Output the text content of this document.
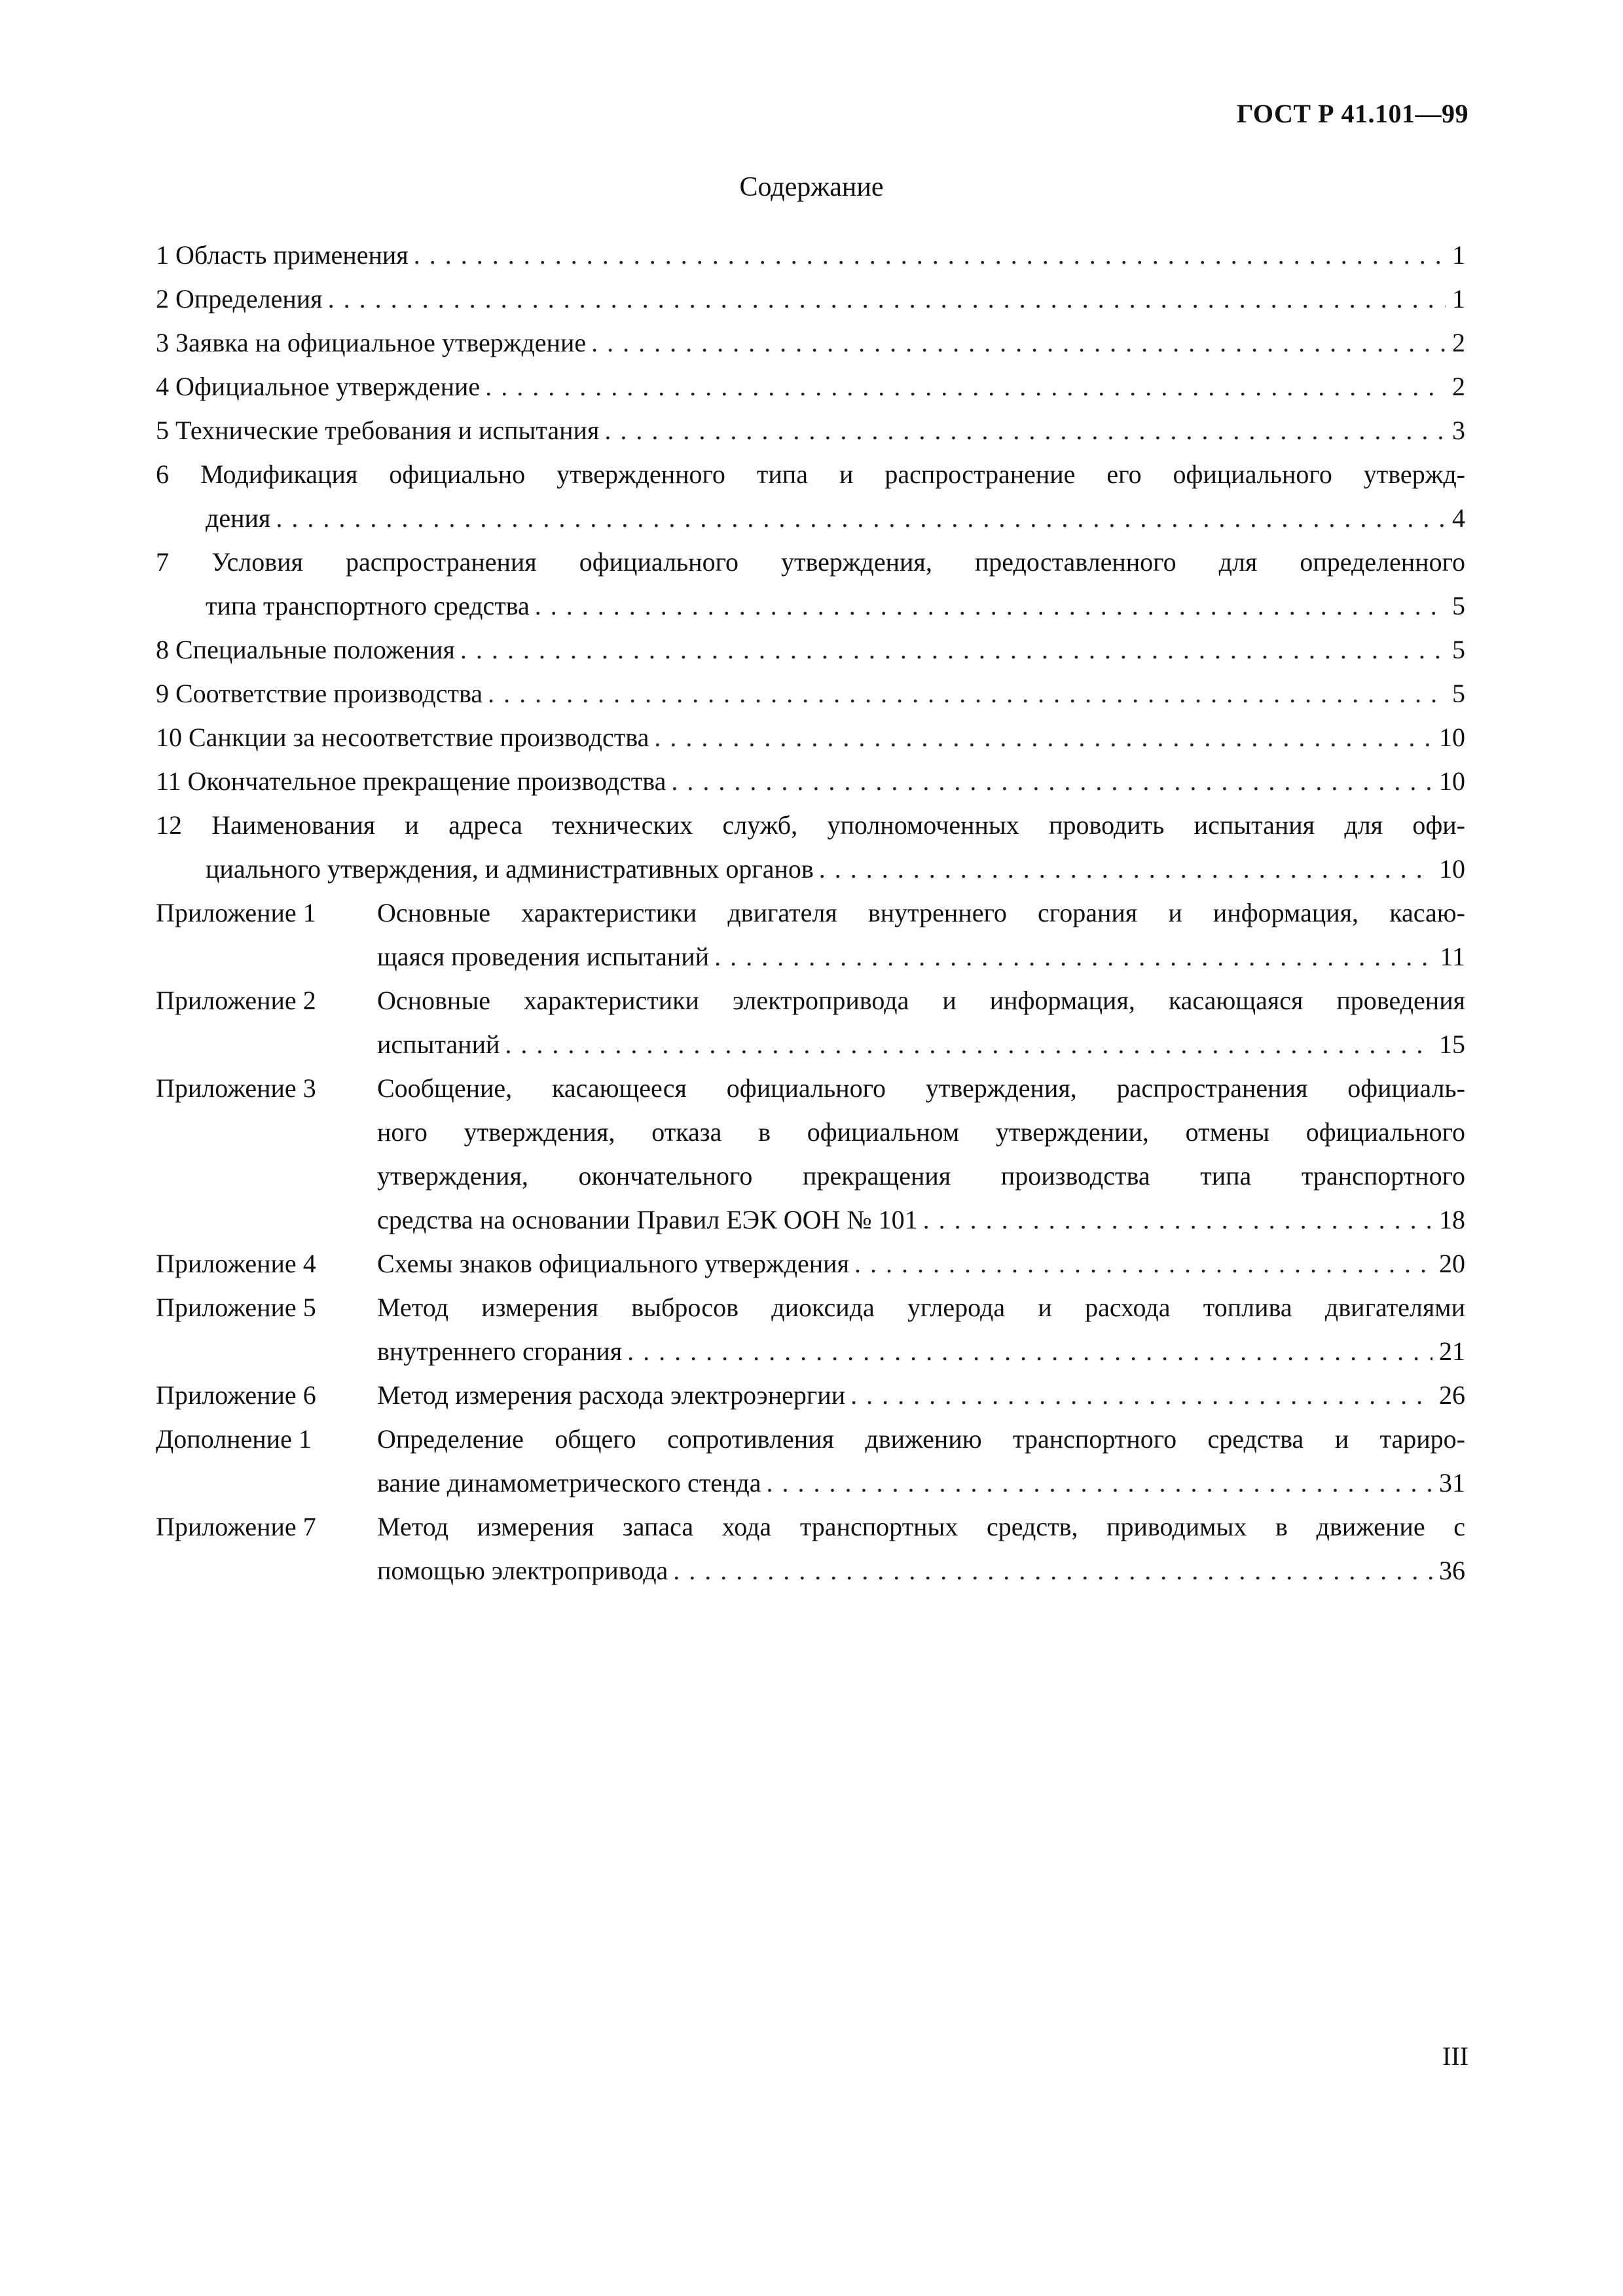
ГОСТ Р 41.101—99
Содержание
1 Область применения . . .	1
2 Определения . . .	1
3 Заявка на официальное утверждение . . .	2
4 Официальное утверждение . . .	2
5 Технические требования и испытания . . .	3
6 Модификация официально утвержденного типа и распространение его официального утвержд-
дения . . .	4
7 Условия распространения официального утверждения, предоставленного для определенного
типа транспортного средства . . .	5
8 Специальные положения . . .	5
9 Соответствие производства . . .	5
10 Санкции за несоответствие производства . . .	10
11 Окончательное прекращение производства . . .	10
12 Наименования и адреса технических служб, уполномоченных проводить испытания для офи-
циального утверждения, и административных органов . . .	10
Приложение 1	Основные характеристики двигателя внутреннего сгорания и информация, касаю-
щаяся проведения испытаний . . .	11
Приложение 2	Основные характеристики электропривода и информация, касающаяся проведения
испытаний . . .	15
Приложение 3	Сообщение, касающееся официального утверждения, распространения официаль-
ного утверждения, отказа в официальном утверждении, отмены официального
утверждения, окончательного прекращения производства типа транспортного
средства на основании Правил ЕЭК ООН № 101 . . .	18
Приложение 4	Схемы знаков официального утверждения . . .	20
Приложение 5	Метод измерения выбросов диоксида углерода и расхода топлива двигателями
внутреннего сгорания . . .	21
Приложение 6	Метод измерения расхода электроэнергии . . .	26
Дополнение 1	Определение общего сопротивления движению транспортного средства и тариро-
вание динамометрического стенда . . .	31
Приложение 7	Метод измерения запаса хода транспортных средств, приводимых в движение с
помощью электропривода . . .	36
III
